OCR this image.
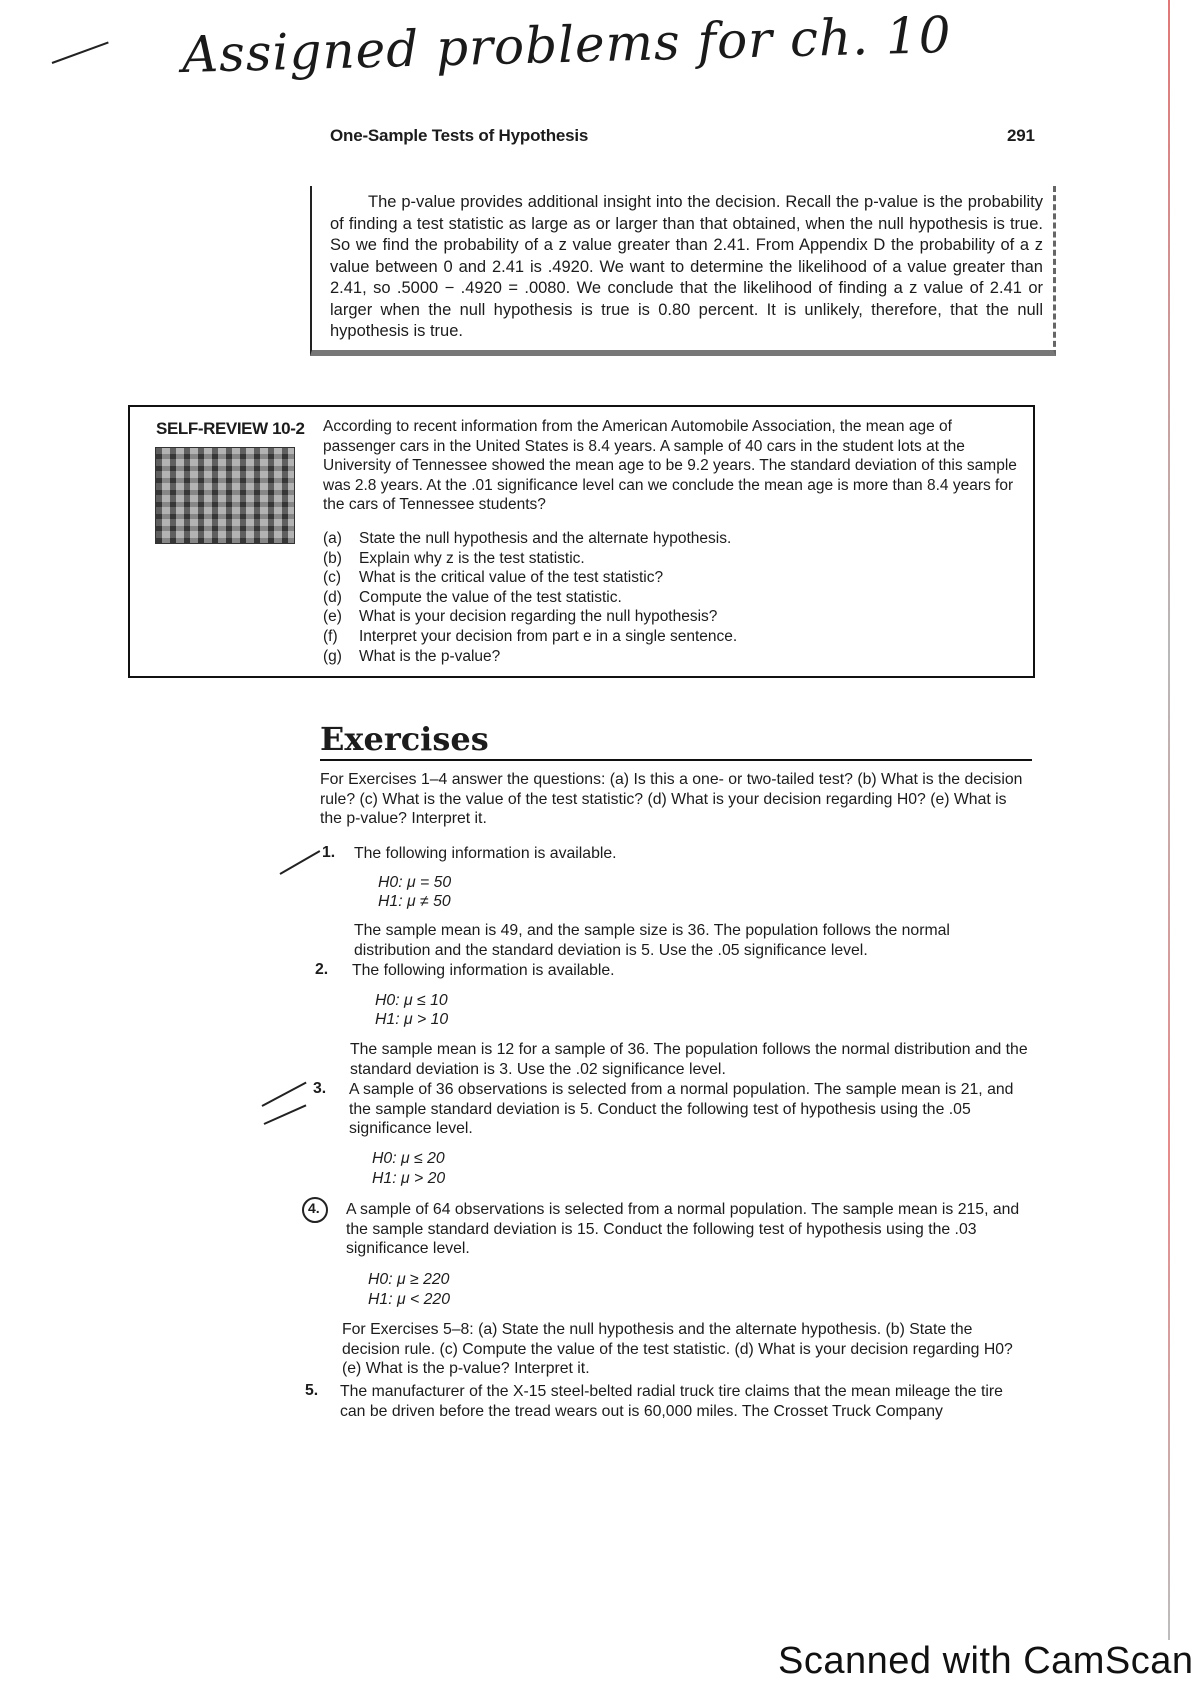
Assigned problems for ch. 10
One-Sample Tests of Hypothesis	291
The p-value provides additional insight into the decision. Recall the p-value is the probability of finding a test statistic as large as or larger than that obtained, when the null hypothesis is true. So we find the probability of a z value greater than 2.41. From Appendix D the probability of a z value between 0 and 2.41 is .4920. We want to determine the likelihood of a value greater than 2.41, so .5000 − .4920 = .0080. We conclude that the likelihood of finding a z value of 2.41 or larger when the null hypothesis is true is 0.80 percent. It is unlikely, therefore, that the null hypothesis is true.
SELF-REVIEW 10-2 According to recent information from the American Automobile Association, the mean age of passenger cars in the United States is 8.4 years. A sample of 40 cars in the student lots at the University of Tennessee showed the mean age to be 9.2 years. The standard deviation of this sample was 2.8 years. At the .01 significance level can we conclude the mean age is more than 8.4 years for the cars of Tennessee students?
(a)	State the null hypothesis and the alternate hypothesis.
(b)	Explain why z is the test statistic.
(c)	What is the critical value of the test statistic?
(d)	Compute the value of the test statistic.
(e)	What is your decision regarding the null hypothesis?
(f)	Interpret your decision from part e in a single sentence.
(g)	What is the p-value?
Exercises
For Exercises 1–4 answer the questions: (a) Is this a one- or two-tailed test? (b) What is the decision rule? (c) What is the value of the test statistic? (d) What is your decision regarding H0? (e) What is the p-value? Interpret it.
1. The following information is available.
H0: μ = 50
H1: μ ≠ 50
The sample mean is 49, and the sample size is 36. The population follows the normal distribution and the standard deviation is 5. Use the .05 significance level.
2. The following information is available.
H0: μ ≤ 10
H1: μ > 10
The sample mean is 12 for a sample of 36. The population follows the normal distribution and the standard deviation is 3. Use the .02 significance level.
3. A sample of 36 observations is selected from a normal population. The sample mean is 21, and the sample standard deviation is 5. Conduct the following test of hypothesis using the .05 significance level.
H0: μ ≤ 20
H1: μ > 20
4. A sample of 64 observations is selected from a normal population. The sample mean is 215, and the sample standard deviation is 15. Conduct the following test of hypothesis using the .03 significance level.
H0: μ ≥ 220
H1: μ < 220
For Exercises 5–8: (a) State the null hypothesis and the alternate hypothesis. (b) State the decision rule. (c) Compute the value of the test statistic. (d) What is your decision regarding H0? (e) What is the p-value? Interpret it.
5. The manufacturer of the X-15 steel-belted radial truck tire claims that the mean mileage the tire can be driven before the tread wears out is 60,000 miles. The Crosset Truck Company
Scanned with CamScan
